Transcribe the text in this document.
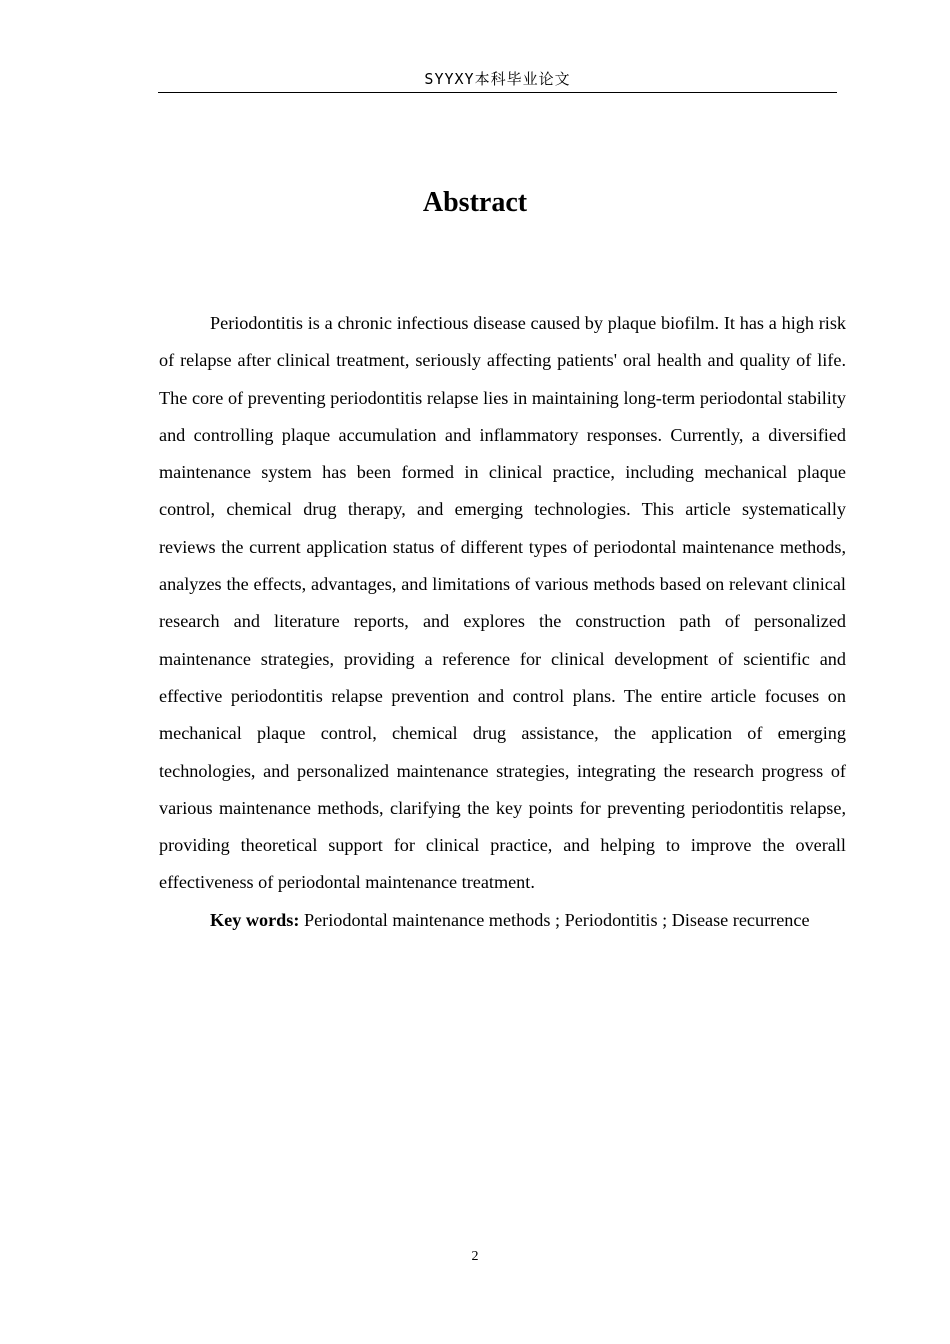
SYYXY本科毕业论文
Abstract

Periodontitis is a chronic infectious disease caused by plaque biofilm. It has a high risk of relapse after clinical treatment, seriously affecting patients' oral health and quality of life. The core of preventing periodontitis relapse lies in maintaining long-term periodontal stability and controlling plaque accumulation and inflammatory responses. Currently, a diversified maintenance system has been formed in clinical practice, including mechanical plaque control, chemical drug therapy, and emerging technologies. This article systematically reviews the current application status of different types of periodontal maintenance methods, analyzes the effects, advantages, and limitations of various methods based on relevant clinical research and literature reports, and explores the construction path of personalized maintenance strategies, providing a reference for clinical development of scientific and effective periodontitis relapse prevention and control plans. The entire article focuses on mechanical plaque control, chemical drug assistance, the application of emerging technologies, and personalized maintenance strategies, integrating the research progress of various maintenance methods, clarifying the key points for preventing periodontitis relapse, providing theoretical support for clinical practice, and helping to improve the overall effectiveness of periodontal maintenance treatment.

Key words: Periodontal maintenance methods ; Periodontitis ; Disease recurrence

2
